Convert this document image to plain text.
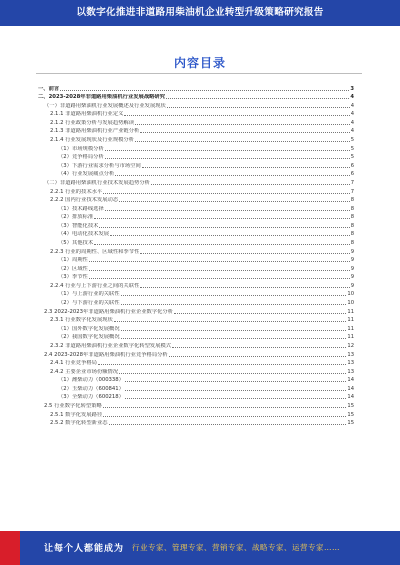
以数字化推进非道路用柴油机企业转型升级策略研究报告
内容目录
一、前言	3
二、2023-2028年非道路用柴油机行业发展战略研究	4
（一）非道路用柴油机行业发展概述及行业发展现状	4
2.1.1 非道路用柴油机行业定义	4
2.1.2 行业政策分析与发展趋势解读	4
2.1.3 非道路用柴油机行业产业链分析	4
2.1.4 行业发展现状及行业规模分析	5
（1）市场规模分析	5
（2）竞争格局分析	5
（3）下游行业需求分析与市场空间	6
（4）行业发展痛点分析	6
（二）非道路用柴油机行业技术发展趋势分析	7
2.2.1 行业的技术水平	7
2.2.2 国内行业技术发展动态	8
（1）技术路线选择	8
（2）排放标准	8
（3）智能化技术	8
（4）电动化技术发展	8
（5）其他技术	8
2.2.3 行业的周期性、区域性和季节性	9
（1）周期性	9
（2）区域性	9
（3）季节性	9
2.2.4 行业与上下游行业之间的关联性	9
（1）与上游行业的关联性	10
（2）与下游行业的关联性	10
2.3 2022-2023年非道路用柴油机行业企业数字化分析	11
2.3.1 行业数字化发展现状	11
（1）国外数字化发展概况	11
（2）我国数字化发展概况	11
2.3.2 非道路用柴油机行业企业数字化转型发展模式	12
2.4 2023-2028年非道路用柴油机行业竞争格局分析	13
2.4.1 行业竞争格局	13
2.4.2 主要企业市场份额情况	13
（1）潍柴动力（000338）	14
（2）玉柴动力（600841）	14
（3）全柴动力（600218）	14
2.5 行业数字化转型策略	15
2.5.1 数字化发展路径	15
2.5.2 数字化转型新业态	15
让每个人都能成为 行业专家、管理专家、营销专家、战略专家、运营专家……
